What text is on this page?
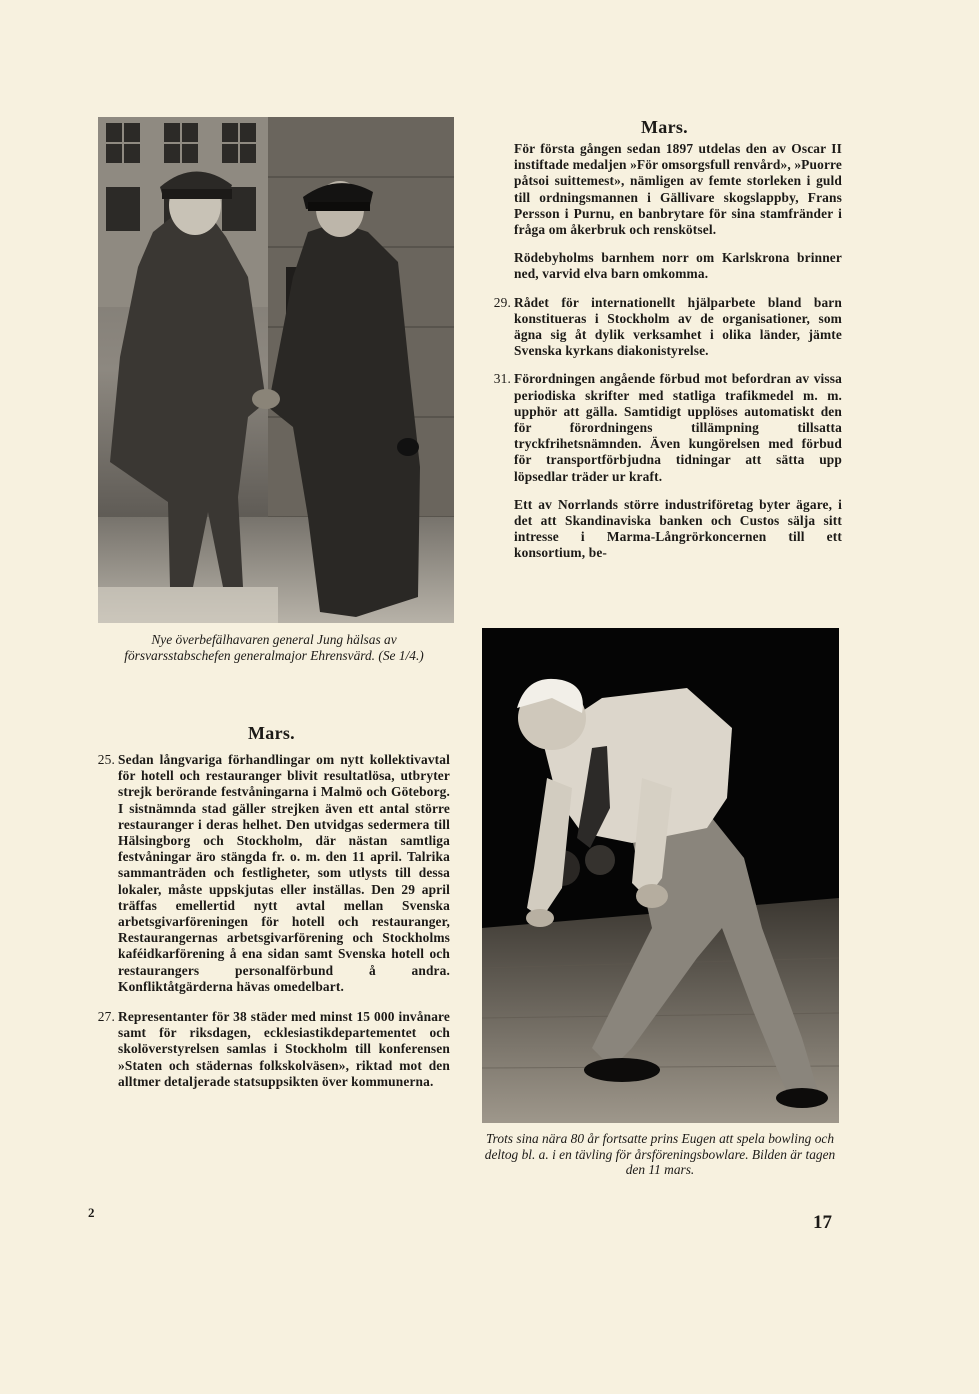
Mars.
För första gången sedan 1897 utdelas den av Oscar II instiftade medaljen »För omsorgsfull renvård», »Puorre påtsoi suittemest», nämligen av femte storleken i guld till ordningsmannen i Gällivare skogslappby, Frans Persson i Purnu, en banbrytare för sina stamfränder i fråga om åkerbruk och renskötsel.
Rödebyholms barnhem norr om Karlskrona brinner ned, varvid elva barn omkomma.
29. Rådet för internationellt hjälparbete bland barn konstitueras i Stockholm av de organisationer, som ägna sig åt dylik verksamhet i olika länder, jämte Svenska kyrkans diakonistyrelse.
31. Förordningen angående förbud mot befordran av vissa periodiska skrifter med statliga trafikmedel m. m. upphör att gälla. Samtidigt upplöses automatiskt den för förordningens tillämpning tillsatta tryckfrihetsnämnden. Även kungörelsen med förbud för transportförbjudna tidningar att sätta upp löpsedlar träder ur kraft.
Ett av Norrlands större industriföretag byter ägare, i det att Skandinaviska banken och Custos sälja sitt intresse i Marma-Långrörkoncernen till ett konsortium, be-
Nye överbefälhavaren general Jung hälsas av försvarsstabschefen generalmajor Ehrensvärd. (Se 1/4.)
Mars.
25. Sedan långvariga förhandlingar om nytt kollektivavtal för hotell och restauranger blivit resultatlösa, utbryter strejk berörande festvåningarna i Malmö och Göteborg. I sistnämnda stad gäller strejken även ett antal större restauranger i deras helhet. Den utvidgas sedermera till Hälsingborg och Stockholm, där nästan samtliga festvåningar äro stängda fr. o. m. den 11 april. Talrika sammanträden och festligheter, som utlysts till dessa lokaler, måste uppskjutas eller inställas. Den 29 april träffas emellertid nytt avtal mellan Svenska arbetsgivarföreningen för hotell och restauranger, Restaurangernas arbetsgivarförening och Stockholms kaféidkarförening å ena sidan samt Svenska hotell och restaurangers personalförbund å andra. Konfliktåtgärderna hävas omedelbart.
27. Representanter för 38 städer med minst 15 000 invånare samt för riksdagen, ecklesiastikdepartementet och skolöverstyrelsen samlas i Stockholm till konferensen »Staten och städernas folkskolväsen», riktad mot den alltmer detaljerade statsuppsikten över kommunerna.
Trots sina nära 80 år fortsatte prins Eugen att spela bowling och deltog bl. a. i en tävling för årsföreningsbowlare. Bilden är tagen den 11 mars.
2	17
